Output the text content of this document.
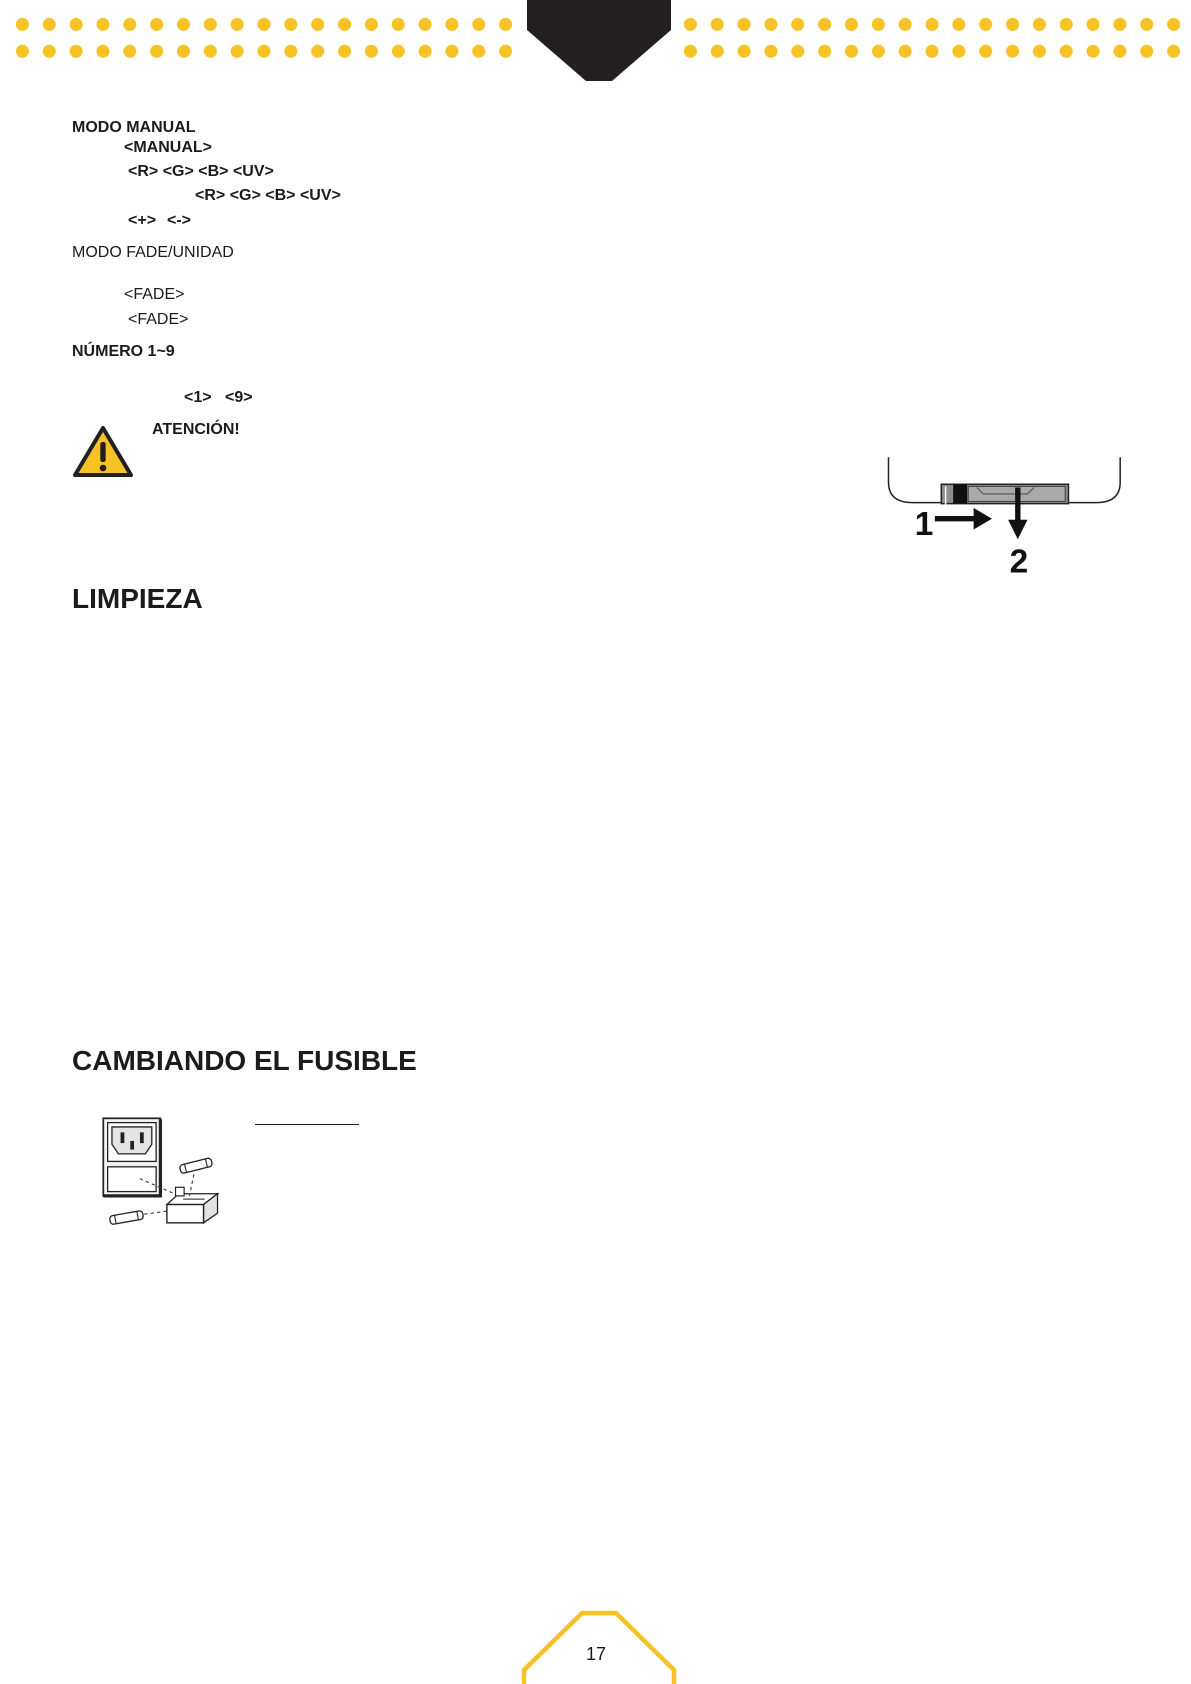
MODO MANUAL
<MANUAL>
<R> <G> <B> <UV>
<R> <G> <B> <UV>
<+> <->
MODO FADE/UNIDAD
<FADE>
<FADE>
NÚMERO 1~9
<1> <9>
ATENCIÓN!
1
2
LIMPIEZA
CAMBIANDO EL FUSIBLE
17
